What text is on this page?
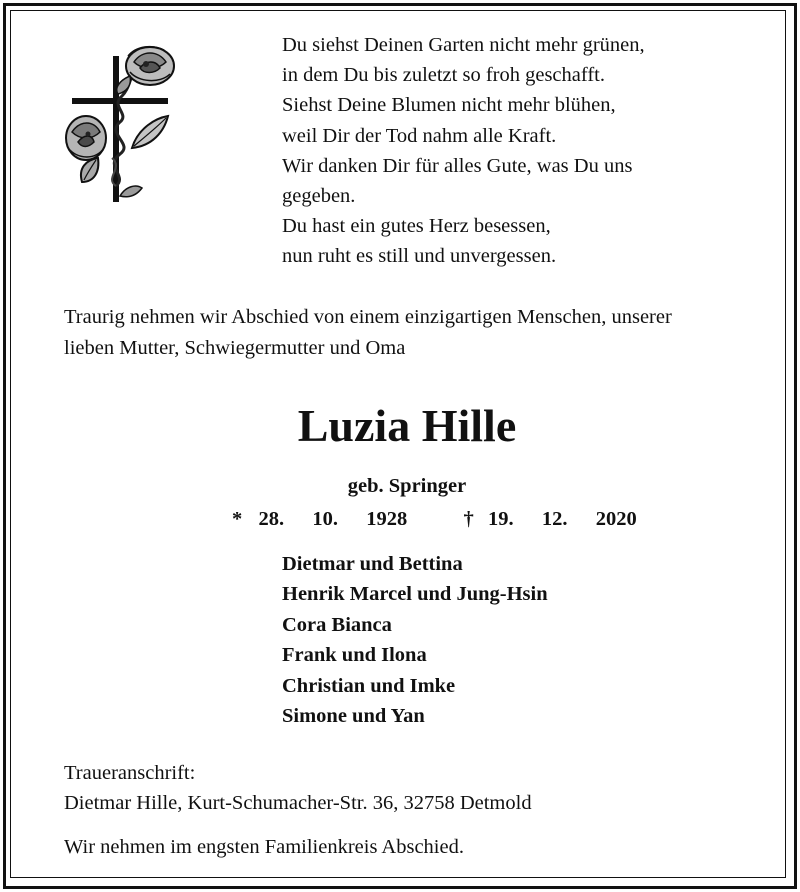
Du siehst Deinen Garten nicht mehr grünen,
in dem Du bis zuletzt so froh geschafft.
Siehst Deine Blumen nicht mehr blühen,
weil Dir der Tod nahm alle Kraft.
Wir danken Dir für alles Gute, was Du uns
gegeben.
Du hast ein gutes Herz besessen,
nun ruht es still und unvergessen.
Traurig nehmen wir Abschied von einem einzigartigen Menschen, unserer
lieben Mutter, Schwiegermutter und Oma
Luzia Hille
geb. Springer
* 28. 10. 1928	† 19. 12. 2020
Dietmar und Bettina
Henrik Marcel und Jung-Hsin
Cora Bianca
Frank und Ilona
Christian und Imke
Simone und Yan
Traueranschrift:
Dietmar Hille, Kurt-Schumacher-Str. 36, 32758 Detmold
Wir nehmen im engsten Familienkreis Abschied.
